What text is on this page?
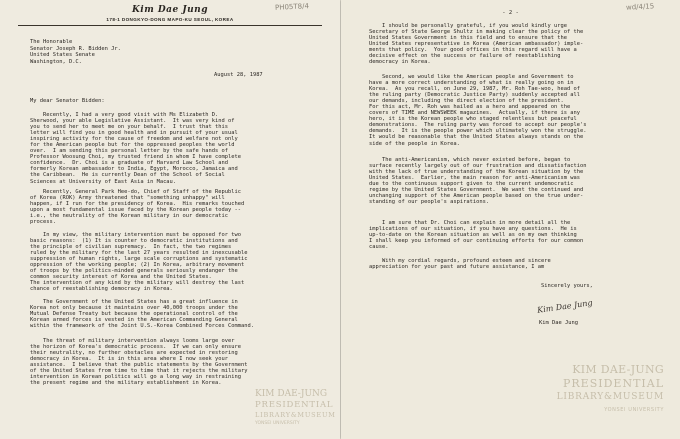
PH05T8/4
Kim Dae Jung
178-1 DONGKYO-DONG MAPO-KU SEOUL, KOREA
The Honorable
Senator Joseph R. Bidden Jr.
United States Senate
Washington, D.C.
August 28, 1987
My dear Senator Bidden:
Recently, I had a very good visit with Ms Elizabeth D.
Sherwood, your able Legislative Assistant.  It was very kind of
you to send her to meet me on your behalf.  I trust that this
letter will find you in good health and in pursuit of your usual
inspiring activity for the cause of freedom and welfare not only
for the American people but for the oppressed peoples the world
over.  I am sending this personal letter by the safe hands of
Professor Woosung Choi, my trusted friend in whom I have complete
confidence.  Dr. Choi is a graduate of Harvard Law School and
formerly Korean ambassador to India, Egypt, Morocco, Jamaica and
the Caribbean.  He is currently Dean of the School of Social
Sciences at University of East Asia in Macau.
Recently, General Park Hee-do, Chief of Staff of the Republic
of Korea (ROK) Army threatened that "something unhappy" will
happen, if I run for the presidency of Korea.  His remarks touched
upon a most fundamental issue faced by the Korean people today --
i.e., the neutrality of the Korean military in our democratic
process.
In my view, the military intervention must be opposed for two
basic reasons:  (1) It is counter to democratic institutions and
the principle of civilian supremacy.  In fact, the two regimes
ruled by the military for the last 27 years resulted in inexcusable
suppression of human rights, large scale corruptions and systematic
oppression of the working people; (2) In Korea, arbitrary movement
of troops by the politics-minded generals seriously endanger the
common security interest of Korea and the United States.
The intervention of any kind by the military will destroy the last
chance of reestablishing democracy in Korea.
The Government of the United States has a great influence in
Korea not only because it maintains over 40,000 troops under the
Mutual Defense Treaty but because the operational control of the
Korean armed forces is vested in the American Commanding General
within the framework of the Joint U.S.-Korea Combined Forces Command.
The threat of military intervention always looms large over
the horizon of Korea's democratic process.  If we can only ensure
their neutrality, no further obstacles are expected in restoring
democracy in Korea.  It is in this area where I now seek your
assistance.  I believe that the public statements by the Government
of the United States from time to time that it rejects the military
intervention in Korean politics will go a long way in restraining
the present regime and the military establishment in Korea.
KIM DAE-JUNG
PRESIDENTIAL
LIBRARY&MUSEUM
YONSEI UNIVERSITY
wd/4/15
- 2 -
I should be personally grateful, if you would kindly urge
Secretary of State George Shultz in making clear the policy of the
United States Government in this field and to ensure that the
United States representative in Korea (American ambassador) imple-
ments that policy.  Your good offices in this regard will have a
decisive effect on the success or failure of reestablishing
democracy in Korea.
Second, we would like the American people and Government to
have a more correct understanding of what is really going on in
Korea.  As you recall, on June 29, 1987, Mr. Roh Tae-woo, head of
the ruling party (Democratic Justice Party) suddenly accepted all
our demands, including the direct election of the president.
For this act, Mr. Roh was hailed as a hero and appeared on the
covers of TIME and NEWSWEEK magazines.  Actually, if there is any
hero, it is the Korean people who staged relentless but peaceful
demonstrations.  The ruling party was forced to accept our people's
demands.  It is the people power which ultimately won the struggle.
It would be reasonable that the United States always stands on the
side of the people in Korea.
The anti-Americanism, which never existed before, began to
surface recently largely out of our frustration and dissatisfaction
with the lack of true understanding of the Korean situation by the
United States.  Earlier, the main reason for anti-Americanism was
due to the continuous support given to the current undemocratic
regime by the United States Government.  We want the continued and
unchanging support of the American people based on the true under-
standing of our people's aspirations.
I am sure that Dr. Choi can explain in more detail all the
implications of our situation, if you have any questions.  He is
up-to-date on the Korean situation as well as on my own thinking
I shall keep you informed of our continuing efforts for our common
cause.
With my cordial regards, profound esteem and sincere
appreciation for your past and future assistance, I am
Sincerely yours,
Kim Dae Jung
Kim Dae Jung
KIM DAE-JUNG
PRESIDENTIAL
LIBRARY&MUSEUM
YONSEI UNIVERSITY
